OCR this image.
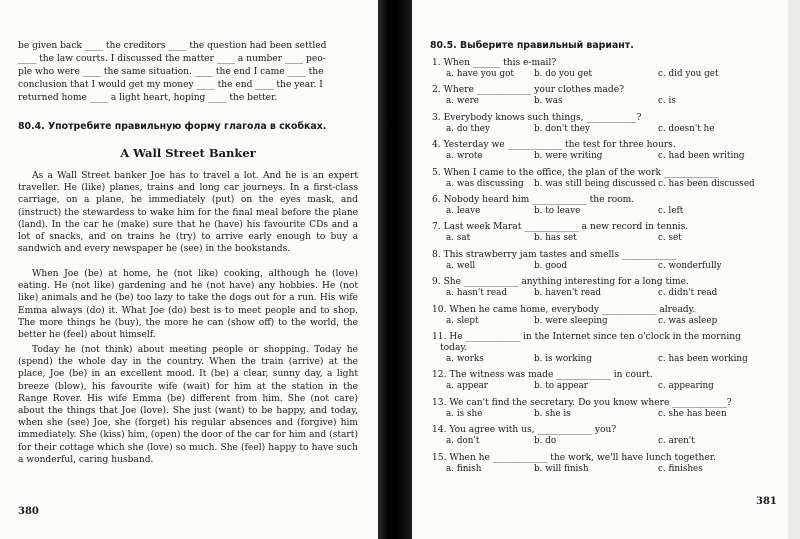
be given back ____ the creditors ____ the question had been settled
____ the law courts. I discussed the matter ____ a number ____ peo-
ple who were ____ the same situation. ____ the end I came ____ the
conclusion that I would get my money ____ the end ____ the year. I
returned home ____ a light heart, hoping ____ the better.
80.4. Употребите правильную форму глагола в скобках.
A Wall Street Banker

As a Wall Street banker Joe has to travel a lot. And he is an expert traveller. He (like) planes, trains and long car journeys. In a first-class carriage, on a plane, he immediately (put) on the eyes mask, and (instruct) the stewardess to wake him for the final meal before the plane (land). In the car he (make) sure that he (have) his favourite CDs and a lot of snacks, and on trains he (try) to arrive early enough to buy a sandwich and every newspaper he (see) in the bookstands.

When Joe (be) at home, he (not like) cooking, although he (love) eating. He (not like) gardening and he (not have) any hobbies. He (not like) animals and he (be) too lazy to take the dogs out for a run. His wife Emma always (do) it. What Joe (do) best is to meet people and to shop. The more things he (buy), the more he can (show off) to the world, the better he (feel) about himself.

Today he (not think) about meeting people or shopping. Today he (spend) the whole day in the country. When the train (arrive) at the place, Joe (be) in an excellent mood. It (be) a clear, sunny day, a light breeze (blow), his favourite wife (wait) for him at the station in the Range Rover. His wife Emma (be) different from him. She (not care) about the things that Joe (love). She just (want) to be happy, and today, when she (see) Joe, she (forget) his regular absences and (forgive) him immediately. She (kiss) him, (open) the door of the car for him and (start) for their cottage which she (love) so much. She (feel) happy to have such a wonderful, caring husband.

380
80.5. Выберите правильный вариант.
1. When ______ this e-mail?
a. have you got b. do you get	c. did you get
2. Where ____________ your clothes made?
a. were	b. was	c. is
3. Everybody knows such things, ___________?
a. do they	b. don't they	c. doesn't he
4. Yesterday we ____________ the test for three hours.
a. wrote	b. were writing	c. had been writing
5. When I came to the office, the plan of the work ____________
a. was discussing b. was still being discussed c. has been discussed
6. Nobody heard him ____________ the room.
a. leave	b. to leave	c. left
7. Last week Marat ____________ a new record in tennis.
a. sat	b. has set	c. set
8. This strawberry jam tastes and smells ____________
a. well	b. good	c. wonderfully
9. She ____________ anything interesting for a long time.
a. hasn't read	b. haven't read	c. didn't read
10. When he came home, everybody ____________ already.
a. slept	b. were sleeping	c. was asleep
11. He ____________ in the Internet since ten o'clock in the morning
today.
a. works	b. is working	c. has been working
12. The witness was made ____________ in court.
a. appear	b. to appear	c. appearing
13. We can't find the secretary. Do you know where ____________?
a. is she	b. she is	c. she has been
14. You agree with us, ____________ you?
a. don't	b. do	c. aren't
15. When he ____________ the work, we'll have lunch together.
a. finish	b. will finish	c. finishes
381
